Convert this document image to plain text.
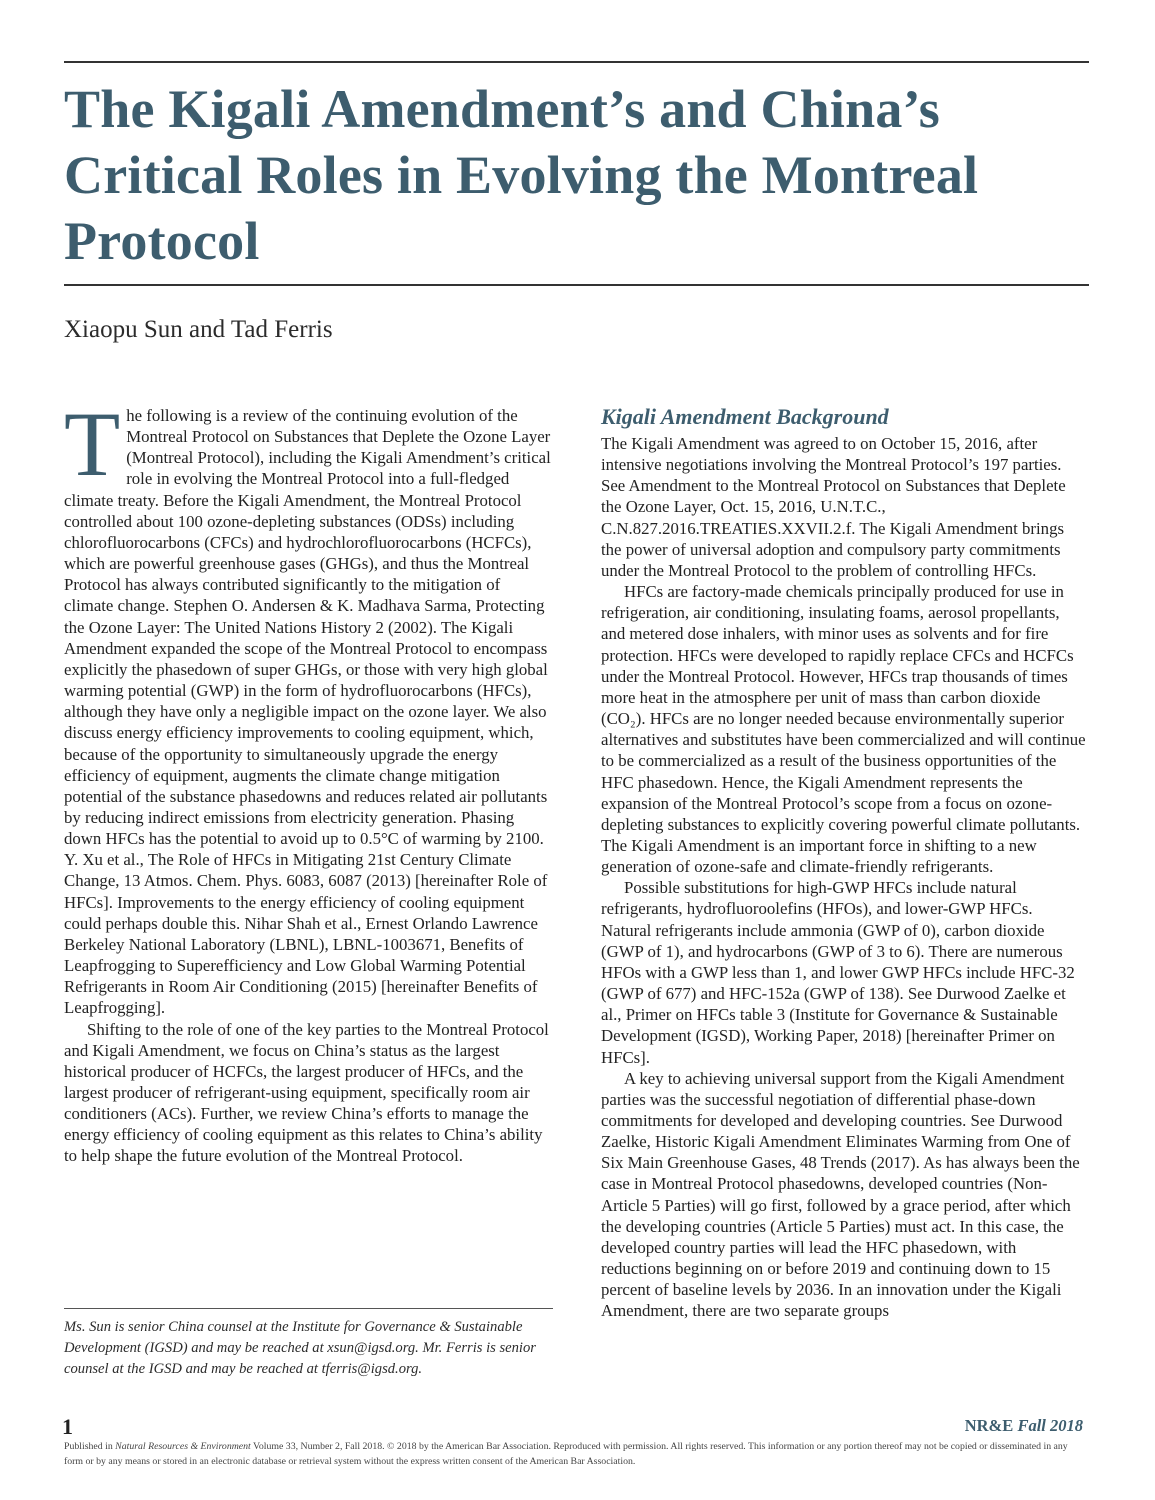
The Kigali Amendment’s and China’s Critical Roles in Evolving the Montreal Protocol
Xiaopu Sun and Tad Ferris

The following is a review of the continuing evolution of the Montreal Protocol on Substances that Deplete the Ozone Layer (Montreal Protocol), including the Kigali Amendment’s critical role in evolving the Montreal Protocol into a full-fledged climate treaty. Before the Kigali Amendment, the Montreal Protocol controlled about 100 ozone-depleting substances (ODSs) including chlorofluorocarbons (CFCs) and hydrochlorofluorocarbons (HCFCs), which are powerful greenhouse gases (GHGs), and thus the Montreal Protocol has always contributed significantly to the mitigation of climate change. Stephen O. Andersen & K. Madhava Sarma, Protecting the Ozone Layer: The United Nations History 2 (2002). The Kigali Amendment expanded the scope of the Montreal Protocol to encompass explicitly the phasedown of super GHGs, or those with very high global warming potential (GWP) in the form of hydrofluorocarbons (HFCs), although they have only a negligible impact on the ozone layer. We also discuss energy efficiency improvements to cooling equipment, which, because of the opportunity to simultaneously upgrade the energy efficiency of equipment, augments the climate change mitigation potential of the substance phasedowns and reduces related air pollutants by reducing indirect emissions from electricity generation. Phasing down HFCs has the potential to avoid up to 0.5°C of warming by 2100. Y. Xu et al., The Role of HFCs in Mitigating 21st Century Climate Change, 13 Atmos. Chem. Phys. 6083, 6087 (2013) [hereinafter Role of HFCs]. Improvements to the energy efficiency of cooling equipment could perhaps double this. Nihar Shah et al., Ernest Orlando Lawrence Berkeley National Laboratory (LBNL), LBNL-1003671, Benefits of Leapfrogging to Superefficiency and Low Global Warming Potential Refrigerants in Room Air Conditioning (2015) [hereinafter Benefits of Leapfrogging].

Shifting to the role of one of the key parties to the Montreal Protocol and Kigali Amendment, we focus on China’s status as the largest historical producer of HCFCs, the largest producer of HFCs, and the largest producer of refrigerant-using equipment, specifically room air conditioners (ACs). Further, we review China’s efforts to manage the energy efficiency of cooling equipment as this relates to China’s ability to help shape the future evolution of the Montreal Protocol.

Ms. Sun is senior China counsel at the Institute for Governance & Sustainable Development (IGSD) and may be reached at xsun@igsd.org. Mr. Ferris is senior counsel at the IGSD and may be reached at tferris@igsd.org.

Kigali Amendment Background

The Kigali Amendment was agreed to on October 15, 2016, after intensive negotiations involving the Montreal Protocol’s 197 parties. See Amendment to the Montreal Protocol on Substances that Deplete the Ozone Layer, Oct. 15, 2016, U.N.T.C., C.N.827.2016.TREATIES.XXVII.2.f. The Kigali Amendment brings the power of universal adoption and compulsory party commitments under the Montreal Protocol to the problem of controlling HFCs.

HFCs are factory-made chemicals principally produced for use in refrigeration, air conditioning, insulating foams, aerosol propellants, and metered dose inhalers, with minor uses as solvents and for fire protection. HFCs were developed to rapidly replace CFCs and HCFCs under the Montreal Protocol. However, HFCs trap thousands of times more heat in the atmosphere per unit of mass than carbon dioxide (CO₂). HFCs are no longer needed because environmentally superior alternatives and substitutes have been commercialized and will continue to be commercialized as a result of the business opportunities of the HFC phasedown. Hence, the Kigali Amendment represents the expansion of the Montreal Protocol’s scope from a focus on ozone-depleting substances to explicitly covering powerful climate pollutants. The Kigali Amendment is an important force in shifting to a new generation of ozone-safe and climate-friendly refrigerants.

Possible substitutions for high-GWP HFCs include natural refrigerants, hydrofluoroolefins (HFOs), and lower-GWP HFCs. Natural refrigerants include ammonia (GWP of 0), carbon dioxide (GWP of 1), and hydrocarbons (GWP of 3 to 6). There are numerous HFOs with a GWP less than 1, and lower GWP HFCs include HFC-32 (GWP of 677) and HFC-152a (GWP of 138). See Durwood Zaelke et al., Primer on HFCs table 3 (Institute for Governance & Sustainable Development (IGSD), Working Paper, 2018) [hereinafter Primer on HFCs].

A key to achieving universal support from the Kigali Amendment parties was the successful negotiation of differential phase-down commitments for developed and developing countries. See Durwood Zaelke, Historic Kigali Amendment Eliminates Warming from One of Six Main Greenhouse Gases, 48 Trends (2017). As has always been the case in Montreal Protocol phasedowns, developed countries (Non-Article 5 Parties) will go first, followed by a grace period, after which the developing countries (Article 5 Parties) must act. In this case, the developed country parties will lead the HFC phasedown, with reductions beginning on or before 2019 and continuing down to 15 percent of baseline levels by 2036. In an innovation under the Kigali Amendment, there are two separate groups

1	NR&E Fall 2018

Published in Natural Resources & Environment Volume 33, Number 2, Fall 2018. © 2018 by the American Bar Association. Reproduced with permission. All rights reserved. This information or any portion thereof may not be copied or disseminated in any form or by any means or stored in an electronic database or retrieval system without the express written consent of the American Bar Association.
